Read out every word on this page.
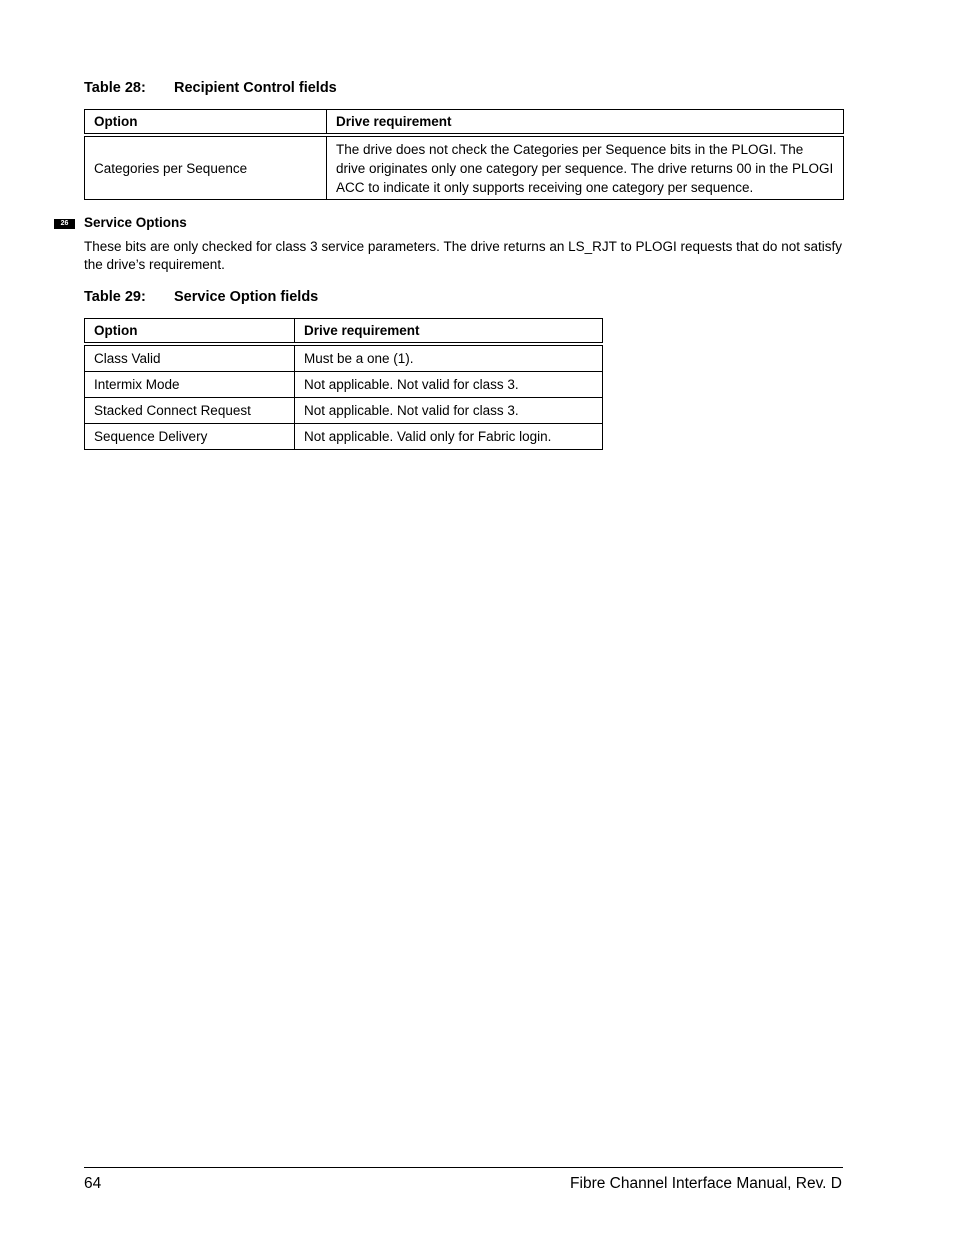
Table 28: Recipient Control fields
Option	Drive requirement
Categories per Sequence	The drive does not check the Categories per Sequence bits in the PLOGI. The drive originates only one category per sequence. The drive returns 00 in the PLOGI ACC to indicate it only supports receiving one category per sequence.
26	Service Options

These bits are only checked for class 3 service parameters. The drive returns an LS_RJT to PLOGI requests that do not satisfy the drive’s requirement.

Table 29: Service Option fields
Option	Drive requirement
Class Valid	Must be a one (1).
Intermix Mode	Not applicable. Not valid for class 3.
Stacked Connect Request	Not applicable. Not valid for class 3.
Sequence Delivery	Not applicable. Valid only for Fabric login.
64	Fibre Channel Interface Manual, Rev. D
